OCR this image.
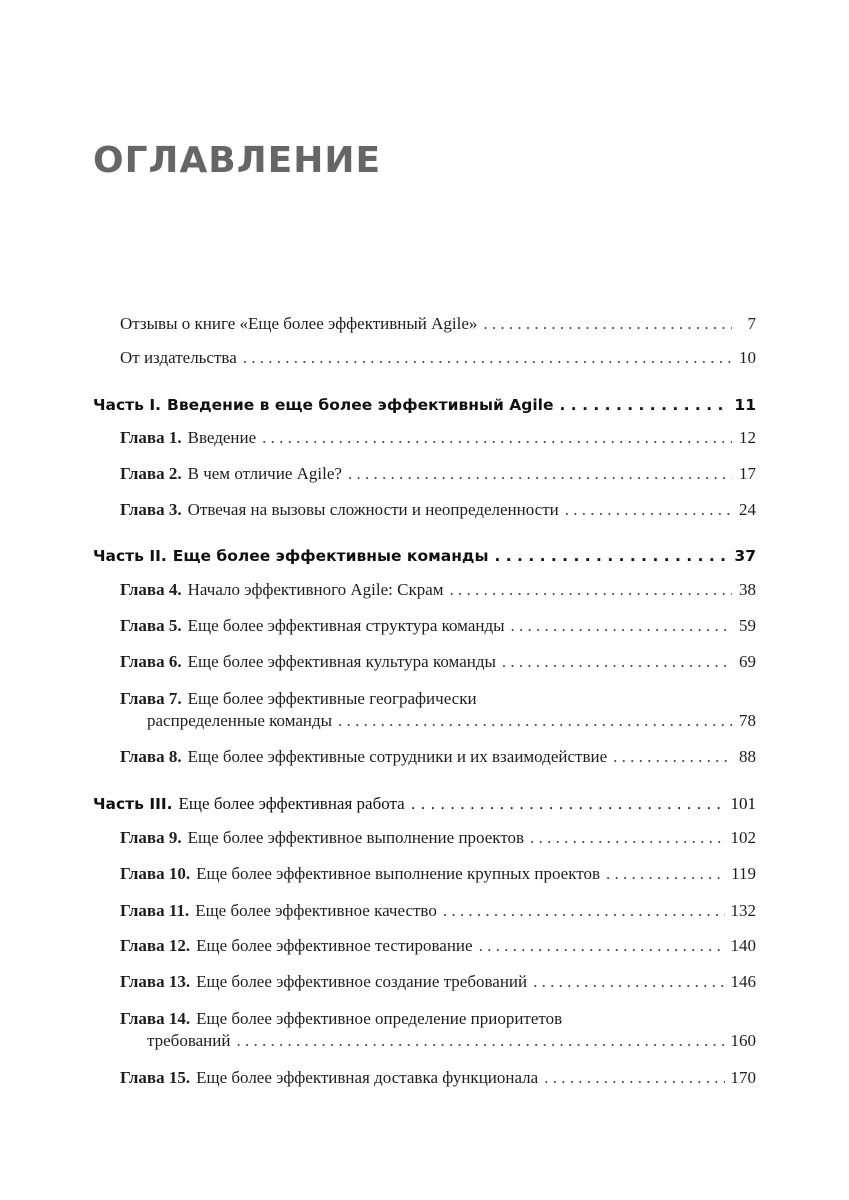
ОГЛАВЛЕНИЕ
Отзывы о книге «Еще более эффективный Agile» . . .	7
От издательства . . .	10
Часть I. Введение в еще более эффективный Agile . . .	11
Глава 1. Введение . . .	12
Глава 2. В чем отличие Agile? . . .	17
Глава 3. Отвечая на вызовы сложности и неопределенности . . .	24
Часть II. Еще более эффективные команды . . .	37
Глава 4. Начало эффективного Agile: Скрам . . .	38
Глава 5. Еще более эффективная структура команды . . .	59
Глава 6. Еще более эффективная культура команды . . .	69
Глава 7. Еще более эффективные географически
распределенные команды . . .	78
Глава 8. Еще более эффективные сотрудники и их взаимодействие . . .	88
Часть III. Еще более эффективная работа . . .	101
Глава 9. Еще более эффективное выполнение проектов . . .	102
Глава 10. Еще более эффективное выполнение крупных проектов . . .	119
Глава 11. Еще более эффективное качество . . .	132
Глава 12. Еще более эффективное тестирование . . .	140
Глава 13. Еще более эффективное создание требований . . .	146
Глава 14. Еще более эффективное определение приоритетов
требований . . .	160
Глава 15. Еще более эффективная доставка функционала . . .	170
